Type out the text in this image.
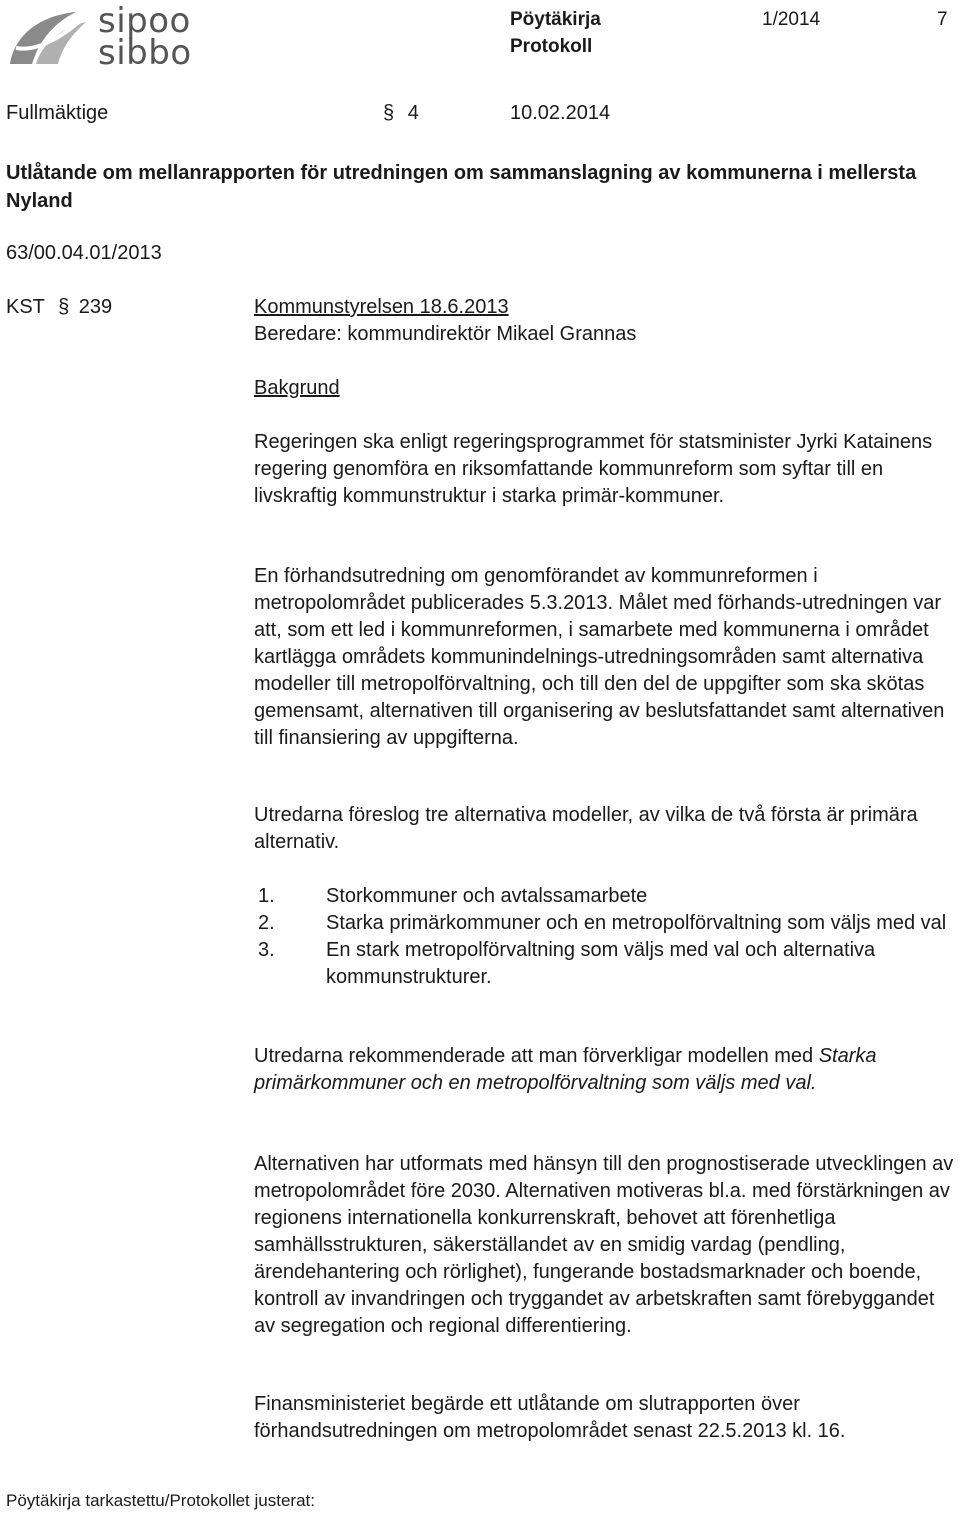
sipoo
sibbo
Pöytäkirja
Protokoll
1/2014	7
Fullmäktige	§ 4	10.02.2014
Utlåtande om mellanrapporten för utredningen om sammanslagning av kommunerna i mellersta Nyland
63/00.04.01/2013
KST § 239	Kommunstyrelsen 18.6.2013
Beredare: kommundirektör Mikael Grannas
Bakgrund

Regeringen ska enligt regeringsprogrammet för statsminister Jyrki Katainens regering genomföra en riksomfattande kommunreform som syftar till en livskraftig kommunstruktur i starka primär-kommuner.

En förhandsutredning om genomförandet av kommunreformen i metropolområdet publicerades 5.3.2013. Målet med förhands-utredningen var att, som ett led i kommunreformen, i samarbete med kommunerna i området kartlägga områdets kommunindelnings-utredningsområden samt alternativa modeller till metropolförvaltning, och till den del de uppgifter som ska skötas gemensamt, alternativen till organisering av beslutsfattandet samt alternativen till finansiering av uppgifterna.

Utredarna föreslog tre alternativa modeller, av vilka de två första är primära alternativ.

1.	Storkommuner och avtalssamarbete
2.	Starka primärkommuner och en metropolförvaltning som väljs med val
3.	En stark metropolförvaltning som väljs med val och alternativa kommunstrukturer.

Utredarna rekommenderade att man förverkligar modellen med Starka primärkommuner och en metropolförvaltning som väljs med val.

Alternativen har utformats med hänsyn till den prognostiserade utvecklingen av metropolområdet före 2030. Alternativen motiveras bl.a. med förstärkningen av regionens internationella konkurrenskraft, behovet att förenhetliga samhällsstrukturen, säkerställandet av en smidig vardag (pendling, ärendehantering och rörlighet), fungerande bostadsmarknader och boende, kontroll av invandringen och tryggandet av arbetskraften samt förebyggandet av segregation och regional differentiering.

Finansministeriet begärde ett utlåtande om slutrapporten över förhandsutredningen om metropolområdet senast 22.5.2013 kl. 16.

Pöytäkirja tarkastettu/Protokollet justerat:
